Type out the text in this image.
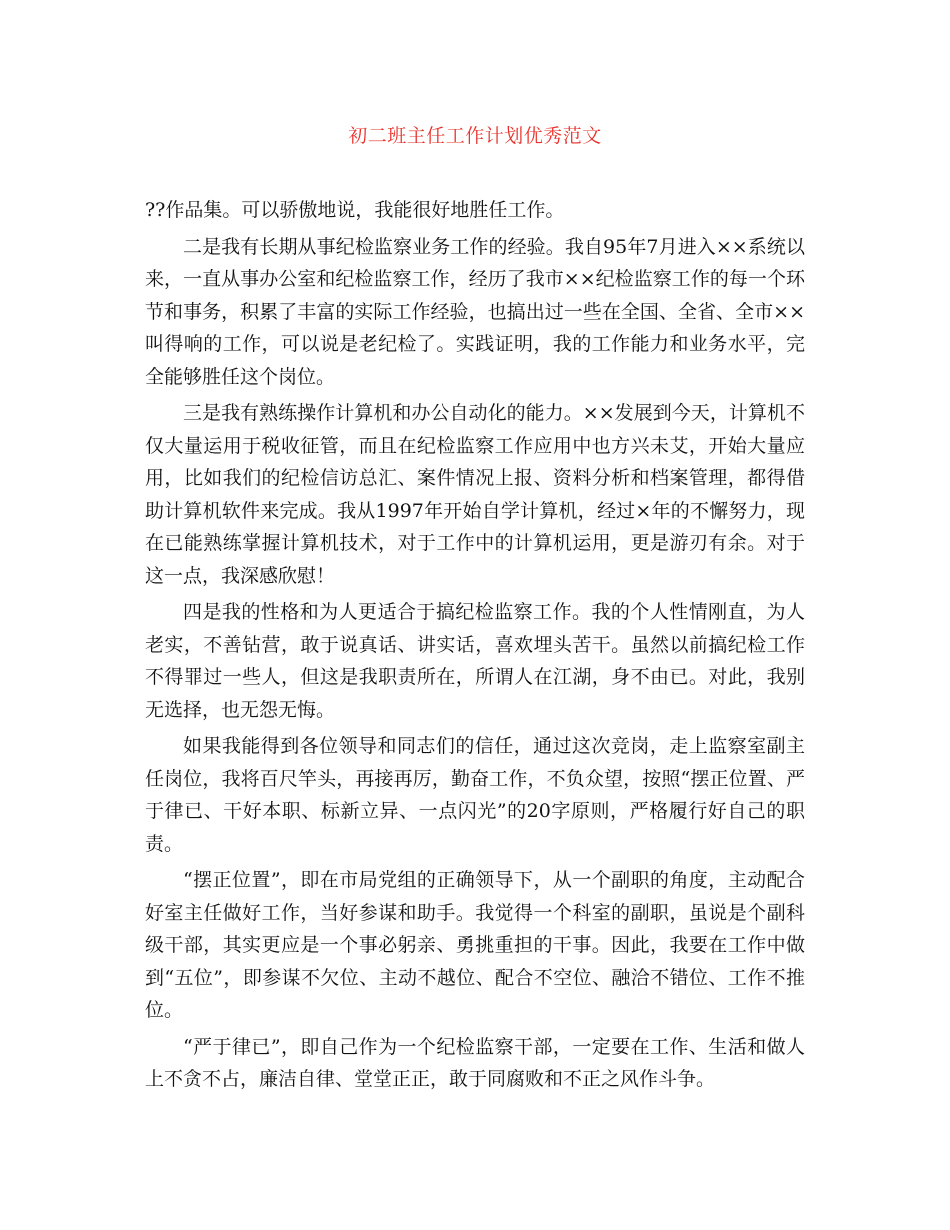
初二班主任工作计划优秀范文

??作品集。可以骄傲地说，我能很好地胜任工作。

二是我有长期从事纪检监察业务工作的经验。我自95年7月进入××系统以来，一直从事办公室和纪检监察工作，经历了我市××纪检监察工作的每一个环节和事务，积累了丰富的实际工作经验，也搞出过一些在全国、全省、全市××叫得响的工作，可以说是老纪检了。实践证明，我的工作能力和业务水平，完全能够胜任这个岗位。

三是我有熟练操作计算机和办公自动化的能力。××发展到今天，计算机不仅大量运用于税收征管，而且在纪检监察工作应用中也方兴未艾，开始大量应用，比如我们的纪检信访总汇、案件情况上报、资料分析和档案管理，都得借助计算机软件来完成。我从1997年开始自学计算机，经过×年的不懈努力，现在已能熟练掌握计算机技术，对于工作中的计算机运用，更是游刃有余。对于这一点，我深感欣慰！

四是我的性格和为人更适合于搞纪检监察工作。我的个人性情刚直，为人老实，不善钻营，敢于说真话、讲实话，喜欢埋头苦干。虽然以前搞纪检工作不得罪过一些人，但这是我职责所在，所谓人在江湖，身不由已。对此，我别无选择，也无怨无悔。

如果我能得到各位领导和同志们的信任，通过这次竞岗，走上监察室副主任岗位，我将百尺竿头，再接再厉，勤奋工作，不负众望，按照“摆正位置、严于律已、干好本职、标新立异、一点闪光”的20字原则，严格履行好自己的职责。

“摆正位置”，即在市局党组的正确领导下，从一个副职的角度，主动配合好室主任做好工作，当好参谋和助手。我觉得一个科室的副职，虽说是个副科级干部，其实更应是一个事必躬亲、勇挑重担的干事。因此，我要在工作中做到“五位”，即参谋不欠位、主动不越位、配合不空位、融洽不错位、工作不推位。

“严于律已”，即自己作为一个纪检监察干部，一定要在工作、生活和做人上不贪不占，廉洁自律、堂堂正正，敢于同腐败和不正之风作斗争。
